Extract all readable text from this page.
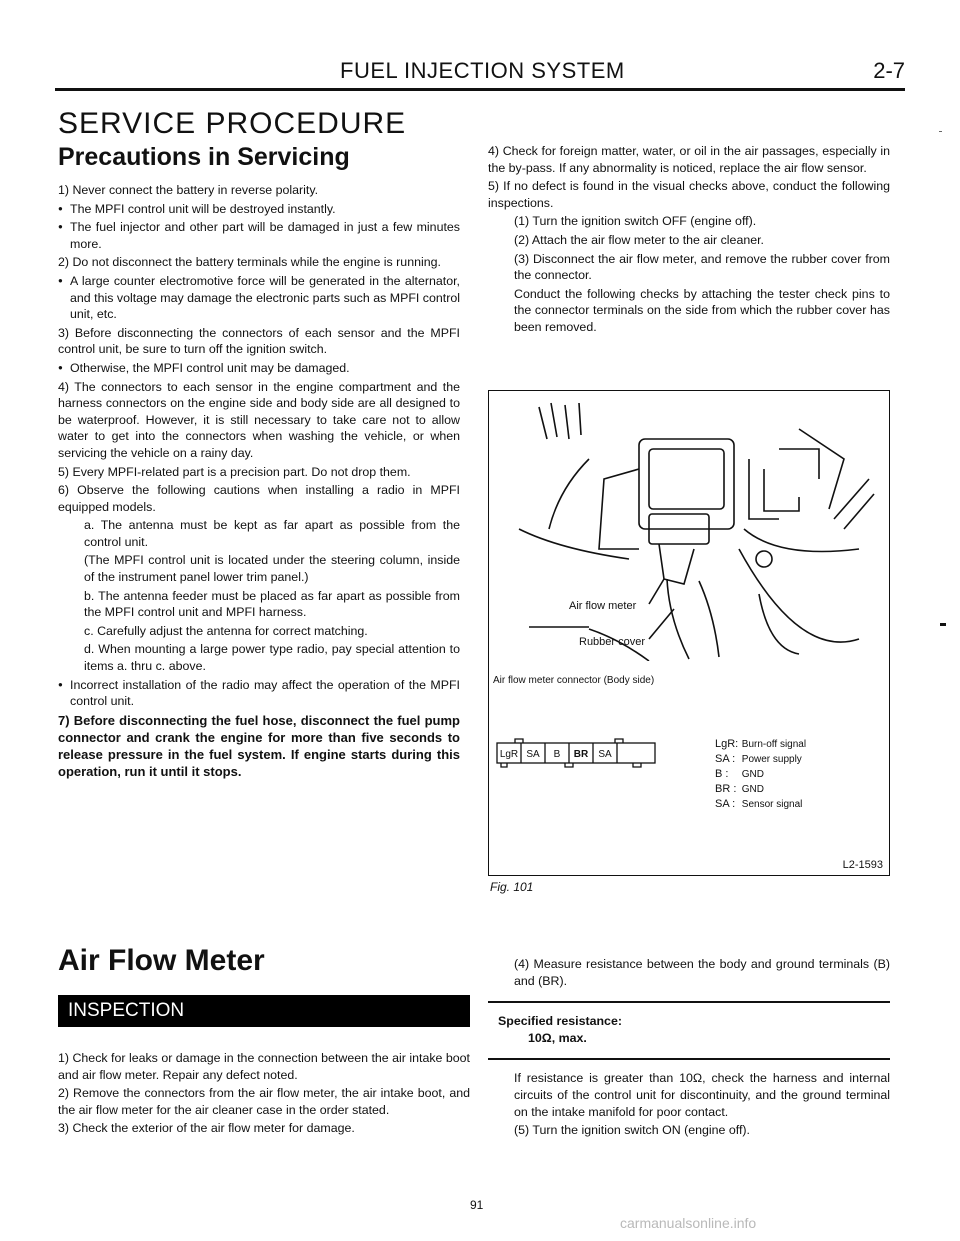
FUEL INJECTION SYSTEM	2-7
SERVICE PROCEDURE
Precautions in Servicing

1) Never connect the battery in reverse polarity.

● The MPFI control unit will be destroyed instantly.

● The fuel injector and other part will be damaged in just a few minutes more.

2) Do not disconnect the battery terminals while the engine is running.

● A large counter electromotive force will be generated in the alternator, and this voltage may damage the electronic parts such as MPFI control unit, etc.

3) Before disconnecting the connectors of each sensor and the MPFI control unit, be sure to turn off the ignition switch.

● Otherwise, the MPFI control unit may be damaged.

4) The connectors to each sensor in the engine compartment and the harness connectors on the engine side and body side are all designed to be waterproof. However, it is still necessary to take care not to allow water to get into the connectors when washing the vehicle, or when servicing the vehicle on a rainy day.

5) Every MPFI-related part is a precision part. Do not drop them.

6) Observe the following cautions when installing a radio in MPFI equipped models.

a. The antenna must be kept as far apart as possible from the control unit.

(The MPFI control unit is located under the steering column, inside of the instrument panel lower trim panel.)

b. The antenna feeder must be placed as far apart as possible from the MPFI control unit and MPFI harness.

c. Carefully adjust the antenna for correct matching.

d. When mounting a large power type radio, pay special attention to items a. thru c. above.

● Incorrect installation of the radio may affect the operation of the MPFI control unit.

7) Before disconnecting the fuel hose, disconnect the fuel pump connector and crank the engine for more than five seconds to release pressure in the fuel system. If engine starts during this operation, run it until it stops.

4) Check for foreign matter, water, or oil in the air passages, especially in the by-pass. If any abnormality is noticed, replace the air flow sensor.

5) If no defect is found in the visual checks above, conduct the following inspections.

(1) Turn the ignition switch OFF (engine off).

(2) Attach the air flow meter to the air cleaner.

(3) Disconnect the air flow meter, and remove the rubber cover from the connector.

Conduct the following checks by attaching the tester check pins to the connector terminals on the side from which the rubber cover has been removed.

Air flow meter
Rubber cover
Air flow meter connector (Body side)
LgR SA B BR SA
LgR: Burn-off signal
SA : Power supply
B : GND
BR : GND
SA : Sensor signal
L2-1593
Fig. 101
Air Flow Meter
INSPECTION

1) Check for leaks or damage in the connection between the air intake boot and air flow meter. Repair any defect noted.

2) Remove the connectors from the air flow meter, the air intake boot, and the air flow meter for the air cleaner case in the order stated.

3) Check the exterior of the air flow meter for damage.

(4) Measure resistance between the body and ground terminals (B) and (BR).

Specified resistance:
10Ω, max.

If resistance is greater than 10Ω, check the harness and internal circuits of the control unit for discontinuity, and the ground terminal on the intake manifold for poor contact.

(5) Turn the ignition switch ON (engine off).

91
carmanualsonline.info
